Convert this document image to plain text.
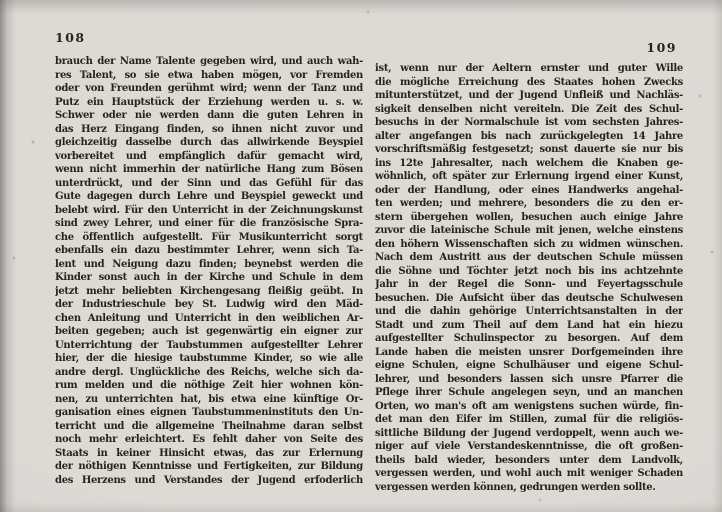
108
brauch der Name Talente gegeben wird, und auch wah-
res Talent, so sie etwa haben mögen, vor Fremden
oder von Freunden gerühmt wird; wenn der Tanz und
Putz ein Hauptstück der Erziehung werden u. s. w.
Schwer oder nie werden dann die guten Lehren in
das Herz Eingang finden, so ihnen nicht zuvor und
gleichzeitig dasselbe durch das allwirkende Beyspiel
vorbereitet und empfänglich dafür gemacht wird,
wenn nicht immerhin der natürliche Hang zum Bösen
unterdrückt, und der Sinn und das Gefühl für das
Gute dagegen durch Lehre und Beyspiel geweckt und
belebt wird. Für den Unterricht in der Zeichnungskunst
sind zwey Lehrer, und einer für die französische Spra-
che öffentlich aufgestellt. Für Musikunterricht sorgt
ebenfalls ein dazu bestimmter Lehrer, wenn sich Ta-
lent und Neigung dazu finden; beynebst werden die
Kinder sonst auch in der Kirche und Schule in dem
jetzt mehr beliebten Kirchengesang fleißig geübt. In
der Industrieschule bey St. Ludwig wird den Mäd-
chen Anleitung und Unterricht in den weiblichen Ar-
beiten gegeben; auch ist gegenwärtig ein eigner zur
Unterrichtung der Taubstummen aufgestellter Lehrer
hier, der die hiesige taubstumme Kinder, so wie alle
andre dergl. Unglückliche des Reichs, welche sich da-
rum melden und die nöthige Zeit hier wohnen kön-
nen, zu unterrichten hat, bis etwa eine künftige Or-
ganisation eines eignen Taubstummeninstituts den Un-
terricht und die allgemeine Theilnahme daran selbst
noch mehr erleichtert. Es fehlt daher von Seite des
Staats in keiner Hinsicht etwas, das zur Erlernung
der nöthigen Kenntnisse und Fertigkeiten, zur Bildung
des Herzens und Verstandes der Jugend erfoderlich
109
ist, wenn nur der Aeltern ernster und guter Wille
die mögliche Erreichung des Staates hohen Zwecks
mitunterstützet, und der Jugend Unfleiß und Nachläs-
sigkeit denselben nicht vereiteln. Die Zeit des Schul-
besuchs in der Normalschule ist vom sechsten Jahres-
alter angefangen bis nach zurückgelegten 14 Jahre
vorschriftsmäßig festgesetzt; sonst dauerte sie nur bis
ins 12te Jahresalter, nach welchem die Knaben ge-
wöhnlich, oft später zur Erlernung irgend einer Kunst,
oder der Handlung, oder eines Handwerks angehal-
ten werden; und mehrere, besonders die zu den er-
stern übergehen wollen, besuchen auch einige Jahre
zuvor die lateinische Schule mit jenen, welche einstens
den höhern Wissenschaften sich zu widmen wünschen.
Nach dem Austritt aus der deutschen Schule müssen
die Söhne und Töchter jetzt noch bis ins achtzehnte
Jahr in der Regel die Sonn- und Feyertagsschule
besuchen. Die Aufsicht über das deutsche Schulwesen
und die dahin gehörige Unterrichtsanstalten in der
Stadt und zum Theil auf dem Land hat ein hiezu
aufgestellter Schulinspector zu besorgen. Auf dem
Lande haben die meisten unsrer Dorfgemeinden ihre
eigne Schulen, eigne Schulhäuser und eigene Schul-
lehrer, und besonders lassen sich unsre Pfarrer die
Pflege ihrer Schule angelegen seyn, und an manchen
Orten, wo man's oft am wenigstens suchen würde, fin-
det man den Eifer im Stillen, zumal für die religiös-
sittliche Bildung der Jugend verdoppelt, wenn auch we-
niger auf viele Verstandeskenntnisse, die oft großen-
theils bald wieder, besonders unter dem Landvolk,
vergessen werden, und wohl auch mit weniger Schaden
vergessen werden können, gedrungen werden sollte.
